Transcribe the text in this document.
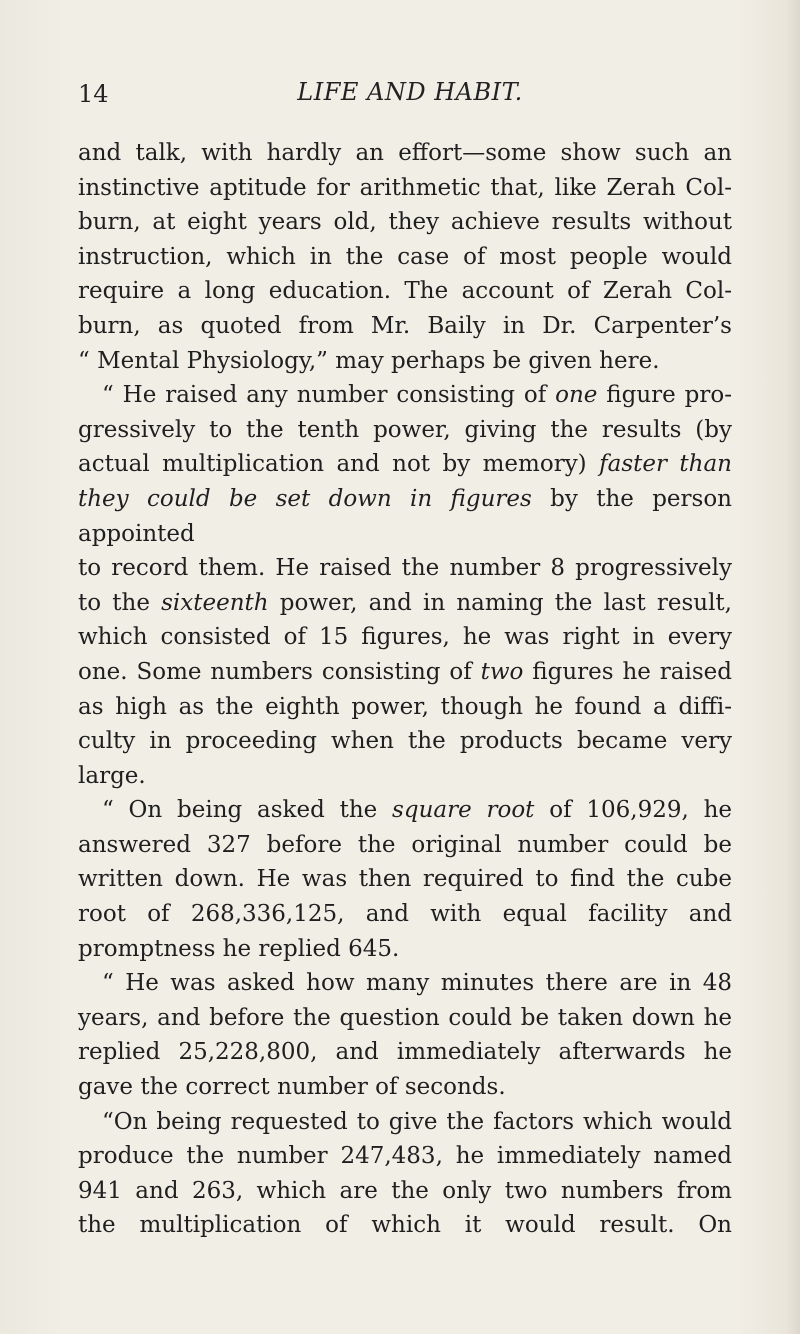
14	LIFE AND HABIT.

and talk, with hardly an effort—some show such an

instinctive aptitude for arithmetic that, like Zerah Col-

burn, at eight years old, they achieve results without

instruction, which in the case of most people would

require a long education. The account of Zerah Col-

burn, as quoted from Mr. Baily in Dr. Carpenter’s

“ Mental Physiology,” may perhaps be given here.

“ He raised any number consisting of one figure pro-

gressively to the tenth power, giving the results (by

actual multiplication and not by memory) faster than

they could be set down in figures by the person appointed

to record them. He raised the number 8 progressively

to the sixteenth power, and in naming the last result,

which consisted of 15 figures, he was right in every

one. Some numbers consisting of two figures he raised

as high as the eighth power, though he found a diffi-

culty in proceeding when the products became very

large.

“ On being asked the square root of 106,929, he

answered 327 before the original number could be

written down. He was then required to find the cube

root of 268,336,125, and with equal facility and

promptness he replied 645.

“ He was asked how many minutes there are in 48

years, and before the question could be taken down he

replied 25,228,800, and immediately afterwards he

gave the correct number of seconds.

“On being requested to give the factors which would

produce the number 247,483, he immediately named

941 and 263, which are the only two numbers from

the multiplication of which it would result. On
